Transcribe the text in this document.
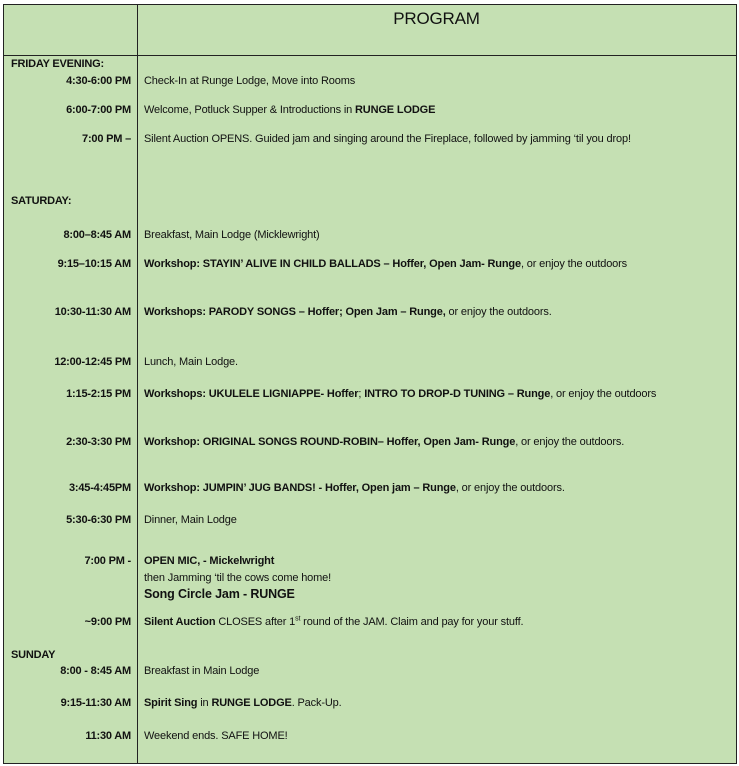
PROGRAM
FRIDAY EVENING:
4:30-6:00 PM Check-In at Runge Lodge, Move into Rooms
6:00-7:00 PM Welcome, Potluck Supper & Introductions in RUNGE LODGE
7:00 PM – Silent Auction OPENS. Guided jam and singing around the Fireplace, followed by jamming ‘til you drop!
SATURDAY:
8:00–8:45 AM Breakfast, Main Lodge (Micklewright)
9:15–10:15 AM Workshop: STAYIN’ ALIVE IN CHILD BALLADS – Hoffer, Open Jam- Runge, or enjoy the outdoors
10:30-11:30 AM Workshops: PARODY SONGS – Hoffer; Open Jam – Runge, or enjoy the outdoors.
12:00-12:45 PM Lunch, Main Lodge.
1:15-2:15 PM Workshops: UKULELE LIGNIAPPE- Hoffer; INTRO TO DROP-D TUNING – Runge, or enjoy the outdoors
2:30-3:30 PM Workshop: ORIGINAL SONGS ROUND-ROBIN– Hoffer, Open Jam- Runge, or enjoy the outdoors.
3:45-4:45PM Workshop: JUMPIN’ JUG BANDS! - Hoffer, Open jam – Runge, or enjoy the outdoors.
5:30-6:30 PM Dinner, Main Lodge
7:00 PM - OPEN MIC, - Mickelwright
then Jamming ‘til the cows come home!
Song Circle Jam - RUNGE
~9:00 PM Silent Auction CLOSES after 1st round of the JAM. Claim and pay for your stuff.
SUNDAY
8:00 - 8:45 AM Breakfast in Main Lodge
9:15-11:30 AM Spirit Sing in RUNGE LODGE. Pack-Up.
11:30 AM Weekend ends. SAFE HOME!
